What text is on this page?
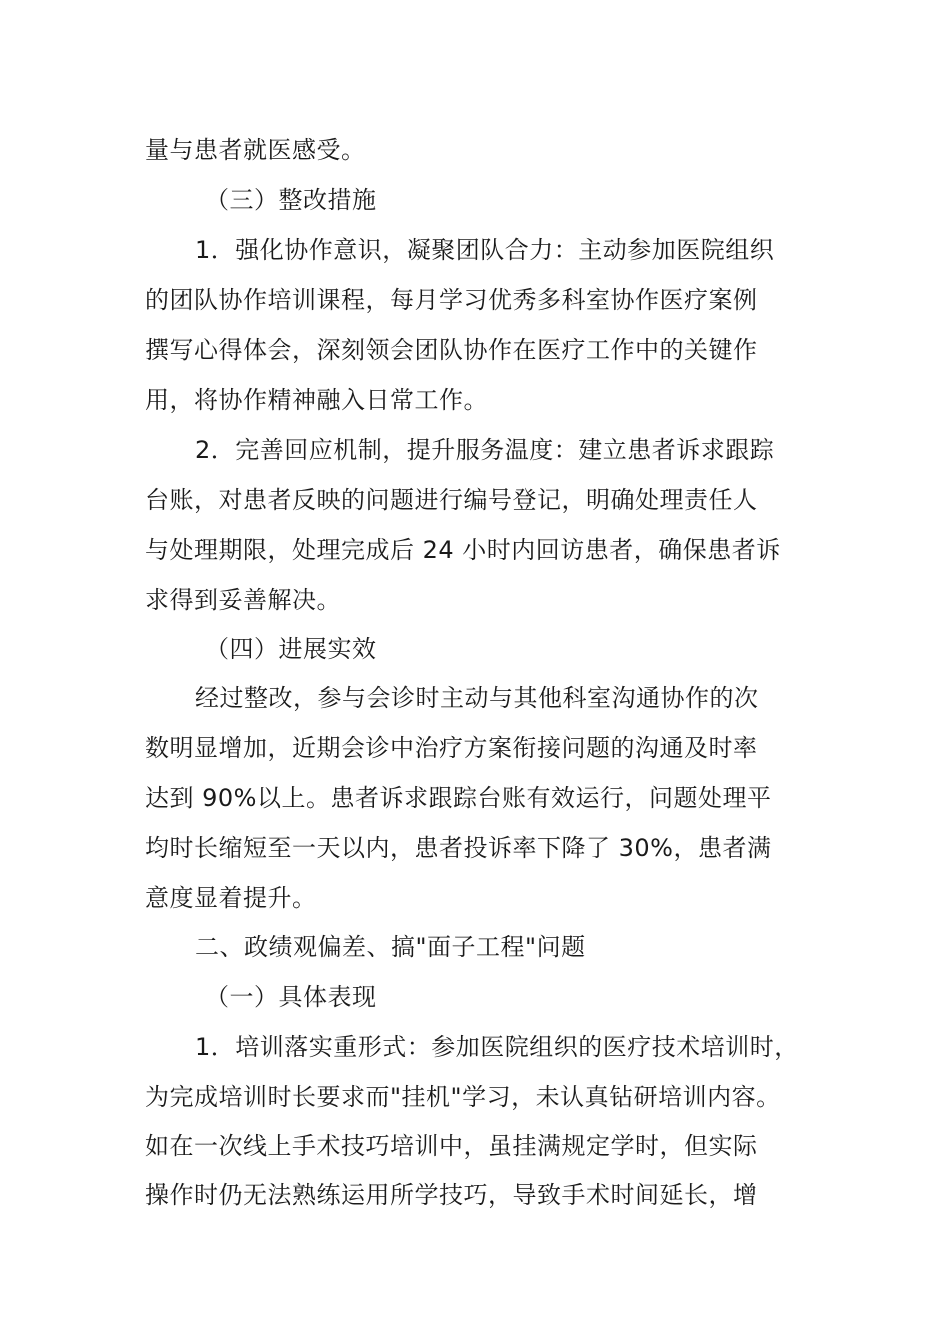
量与患者就医感受。
（三）整改措施
1．强化协作意识，凝聚团队合力：主动参加医院组织
的团队协作培训课程，每月学习优秀多科室协作医疗案例
撰写心得体会，深刻领会团队协作在医疗工作中的关键作
用，将协作精神融入日常工作。
2．完善回应机制，提升服务温度：建立患者诉求跟踪
台账，对患者反映的问题进行编号登记，明确处理责任人
与处理期限，处理完成后 24 小时内回访患者，确保患者诉
求得到妥善解决。
（四）进展实效
经过整改，参与会诊时主动与其他科室沟通协作的次
数明显增加，近期会诊中治疗方案衔接问题的沟通及时率
达到 90%以上。患者诉求跟踪台账有效运行，问题处理平
均时长缩短至一天以内，患者投诉率下降了 30%，患者满
意度显着提升。
二、政绩观偏差、搞"面子工程"问题
（一）具体表现
1．培训落实重形式：参加医院组织的医疗技术培训时，
为完成培训时长要求而"挂机"学习，未认真钻研培训内容。
如在一次线上手术技巧培训中，虽挂满规定学时，但实际
操作时仍无法熟练运用所学技巧，导致手术时间延长，增
